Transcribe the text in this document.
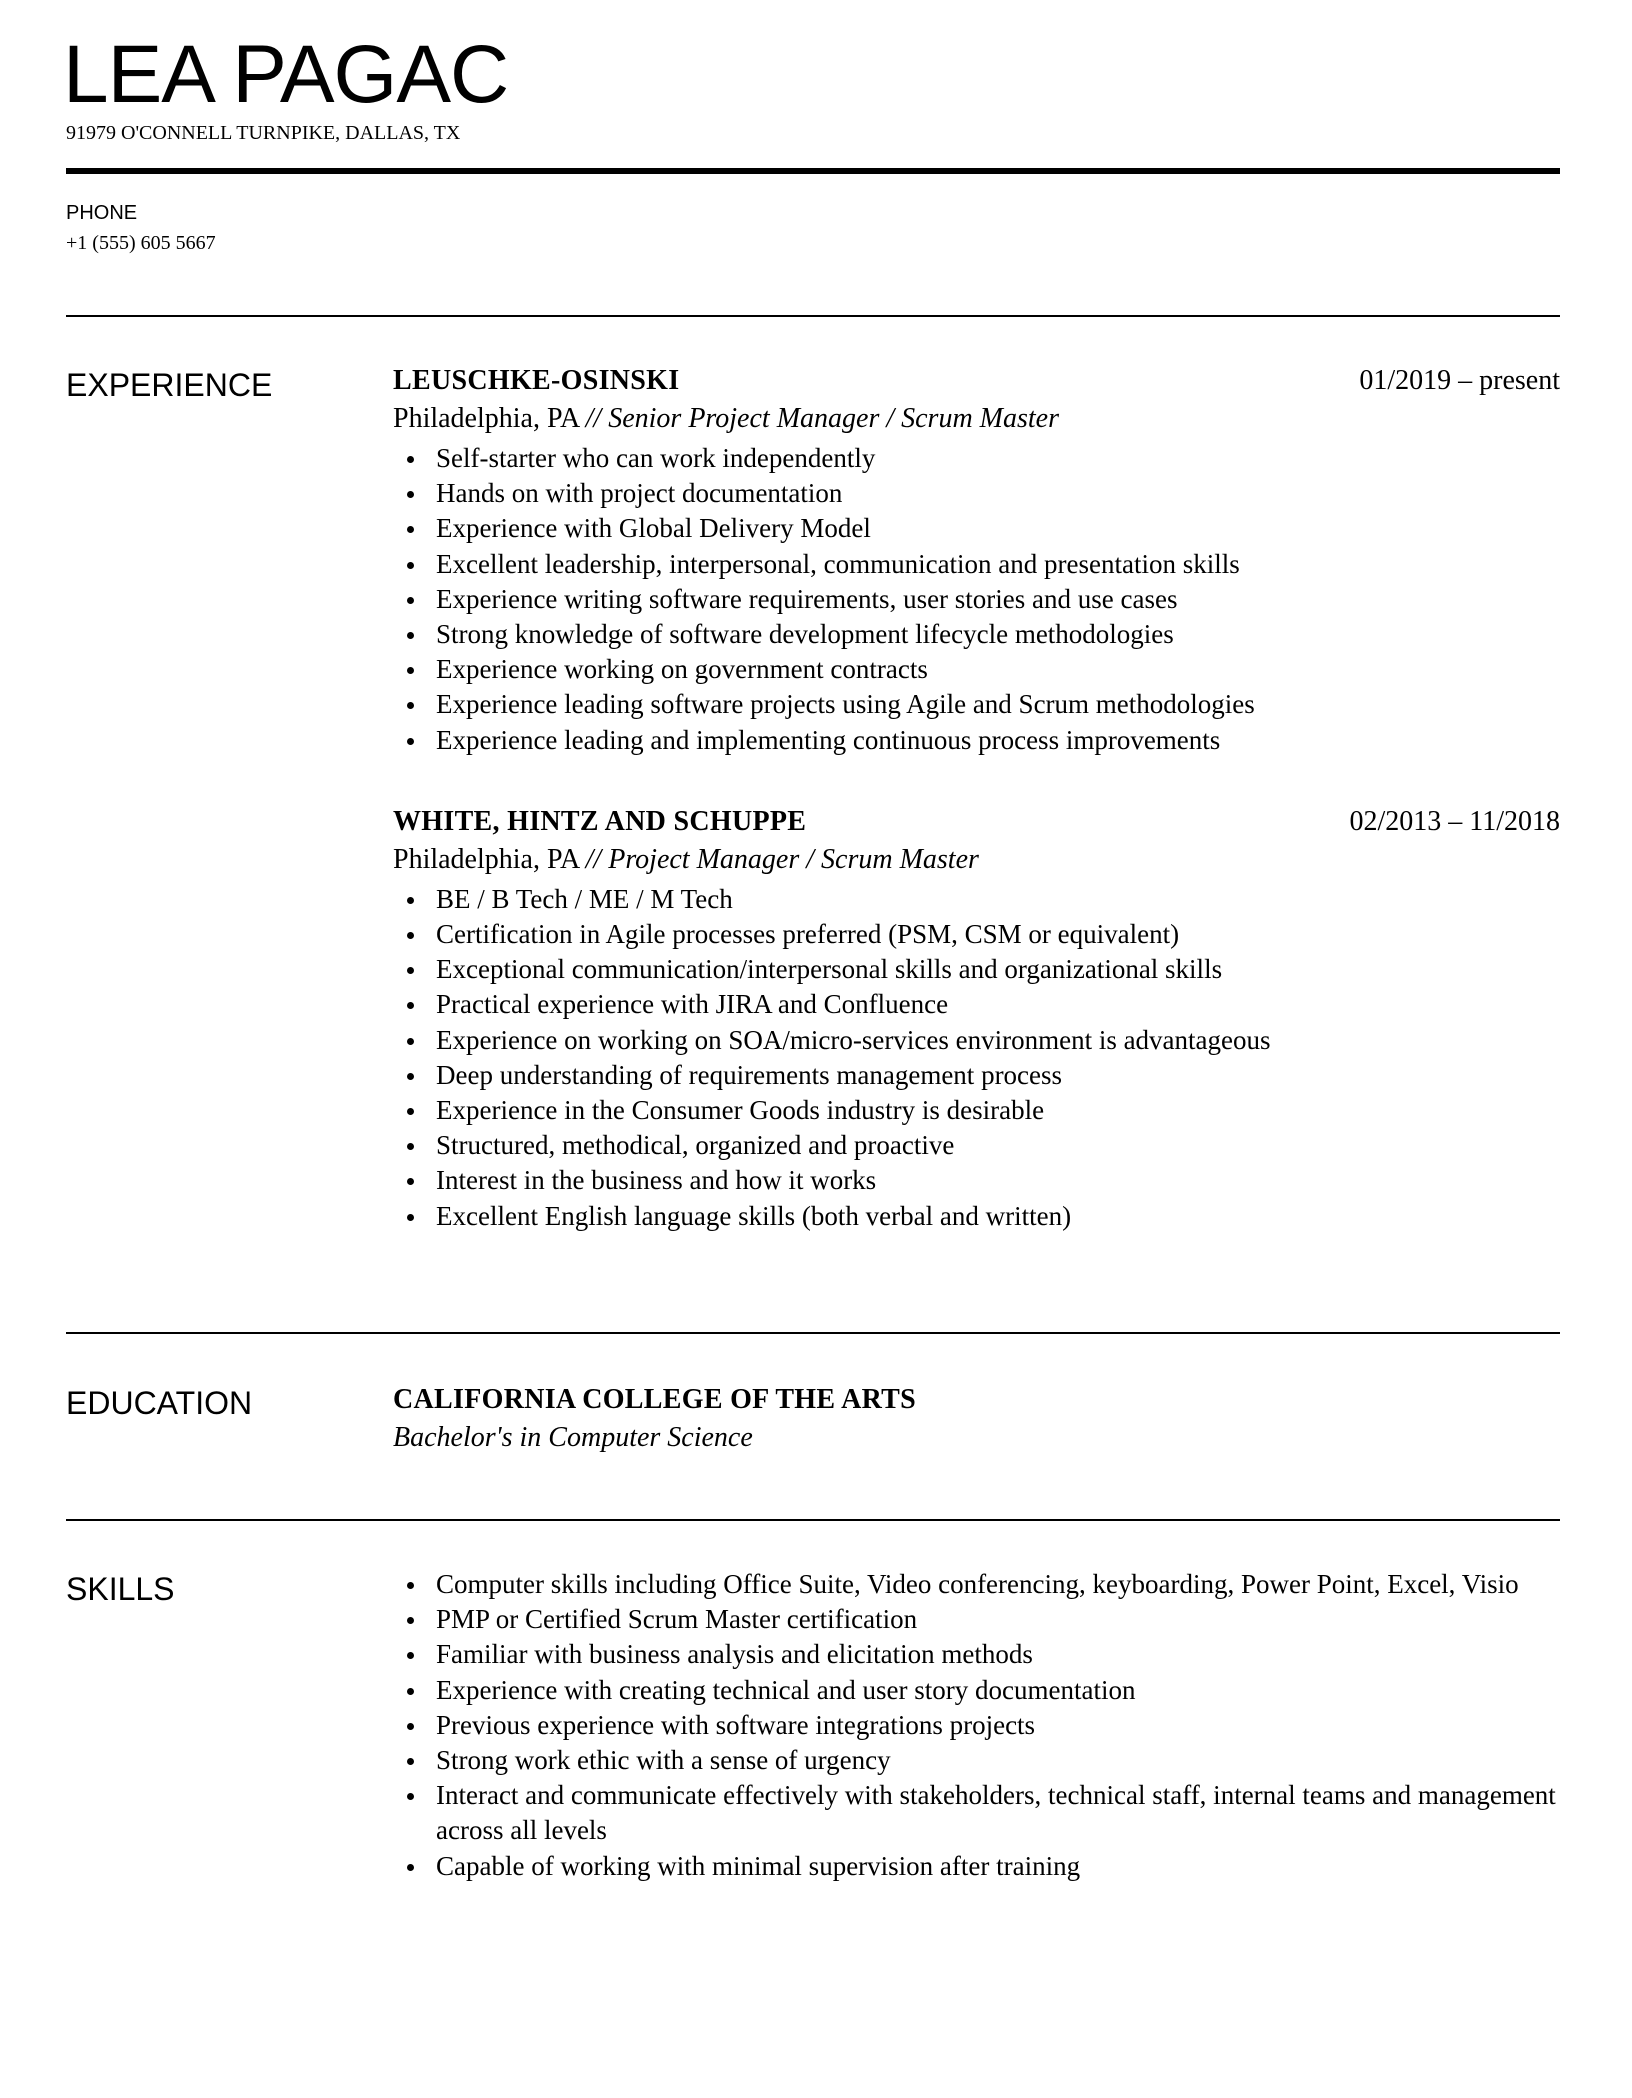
LEA PAGAC
91979 O'CONNELL TURNPIKE, DALLAS, TX
PHONE
+1 (555) 605 5667
EXPERIENCE	LEUSCHKE-OSINSKI	01/2019 – present
Philadelphia, PA // Senior Project Manager / Scrum Master
Self-starter who can work independently
Hands on with project documentation
Experience with Global Delivery Model
Excellent leadership, interpersonal, communication and presentation skills
Experience writing software requirements, user stories and use cases
Strong knowledge of software development lifecycle methodologies
Experience working on government contracts
Experience leading software projects using Agile and Scrum methodologies
Experience leading and implementing continuous process improvements
WHITE, HINTZ AND SCHUPPE	02/2013 – 11/2018
Philadelphia, PA // Project Manager / Scrum Master
BE / B Tech / ME / M Tech
Certification in Agile processes preferred (PSM, CSM or equivalent)
Exceptional communication/interpersonal skills and organizational skills
Practical experience with JIRA and Confluence
Experience on working on SOA/micro-services environment is advantageous
Deep understanding of requirements management process
Experience in the Consumer Goods industry is desirable
Structured, methodical, organized and proactive
Interest in the business and how it works
Excellent English language skills (both verbal and written)
EDUCATION	CALIFORNIA COLLEGE OF THE ARTS
Bachelor's in Computer Science
SKILLS	Computer skills including Office Suite, Video conferencing, keyboarding, Power Point, Excel, Visio
PMP or Certified Scrum Master certification
Familiar with business analysis and elicitation methods
Experience with creating technical and user story documentation
Previous experience with software integrations projects
Strong work ethic with a sense of urgency
Interact and communicate effectively with stakeholders, technical staff, internal teams and management across all levels
Capable of working with minimal supervision after training
